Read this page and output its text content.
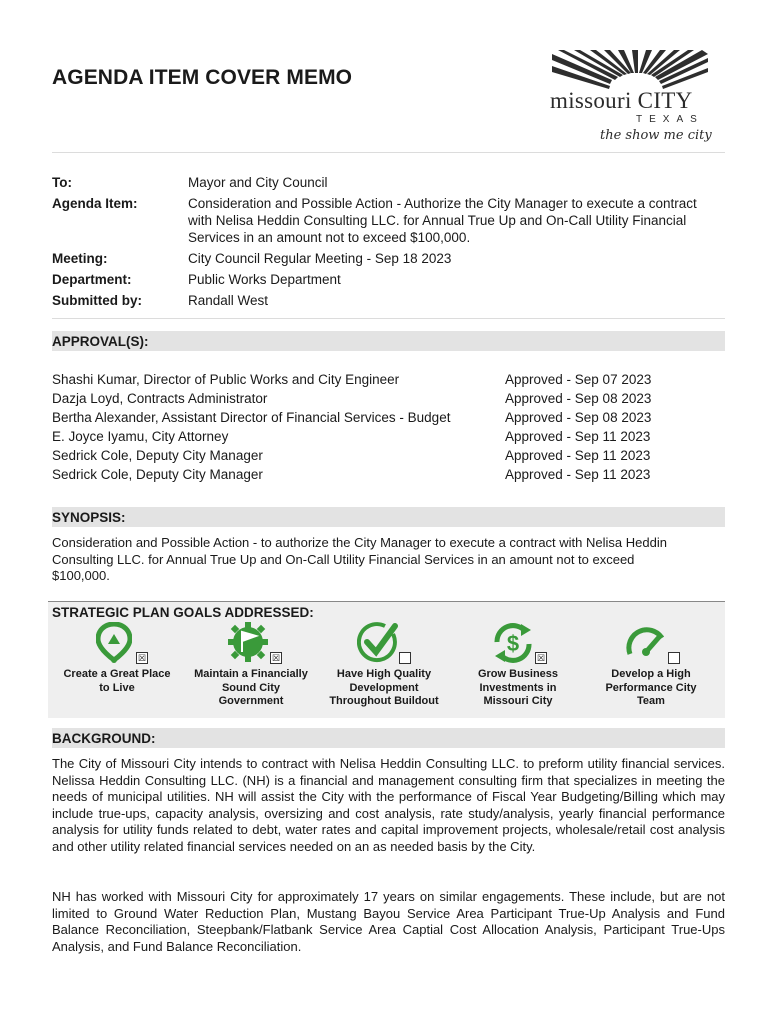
AGENDA ITEM COVER MEMO
missouri CITY
TEXAS
the show me city
To:	Mayor and City Council
Agenda Item:	Consideration and Possible Action - Authorize the City Manager to execute a contract
with Nelisa Heddin Consulting LLC. for Annual True Up and On-Call Utility Financial
Services in an amount not to exceed $100,000.
Meeting:	City Council Regular Meeting - Sep 18 2023
Department:	Public Works Department
Submitted by:	Randall West
APPROVAL(S):
Shashi Kumar, Director of Public Works and City Engineer	Approved - Sep 07 2023
Dazja Loyd, Contracts Administrator	Approved - Sep 08 2023
Bertha Alexander, Assistant Director of Financial Services - Budget	Approved - Sep 08 2023
E. Joyce Iyamu, City Attorney	Approved - Sep 11 2023
Sedrick Cole, Deputy City Manager	Approved - Sep 11 2023
Sedrick Cole, Deputy City Manager	Approved - Sep 11 2023
SYNOPSIS:
Consideration and Possible Action - to authorize the City Manager to execute a contract with Nelisa Heddin
Consulting LLC. for Annual True Up and On-Call Utility Financial Services in an amount not to exceed
$100,000.
STRATEGIC PLAN GOALS ADDRESSED:
☒
Create a Great Place
to Live
☒
Maintain a Financially
Sound City
Government
Have High Quality
Development
Throughout Buildout
$
☒
Grow Business
Investments in
Missouri City
Develop a High
Performance City
Team
BACKGROUND:
The City of Missouri City intends to contract with Nelisa Heddin Consulting LLC. to preform utility financial services. Nelissa Heddin Consulting LLC. (NH) is a financial and management consulting firm that specializes in meeting the needs of municipal utilities. NH will assist the City with the performance of Fiscal Year Budgeting/Billing which may include true-ups, capacity analysis, oversizing and cost analysis, rate study/analysis, yearly financial performance analysis for utility funds related to debt, water rates and capital improvement projects, wholesale/retail cost analysis and other utility related financial services needed on an as needed basis by the City.
NH has worked with Missouri City for approximately 17 years on similar engagements. These include, but are not limited to Ground Water Reduction Plan, Mustang Bayou Service Area Participant True-Up Analysis and Fund Balance Reconciliation, Steepbank/Flatbank Service Area Captial Cost Allocation Analysis, Participant True-Ups Analysis, and Fund Balance Reconciliation.
